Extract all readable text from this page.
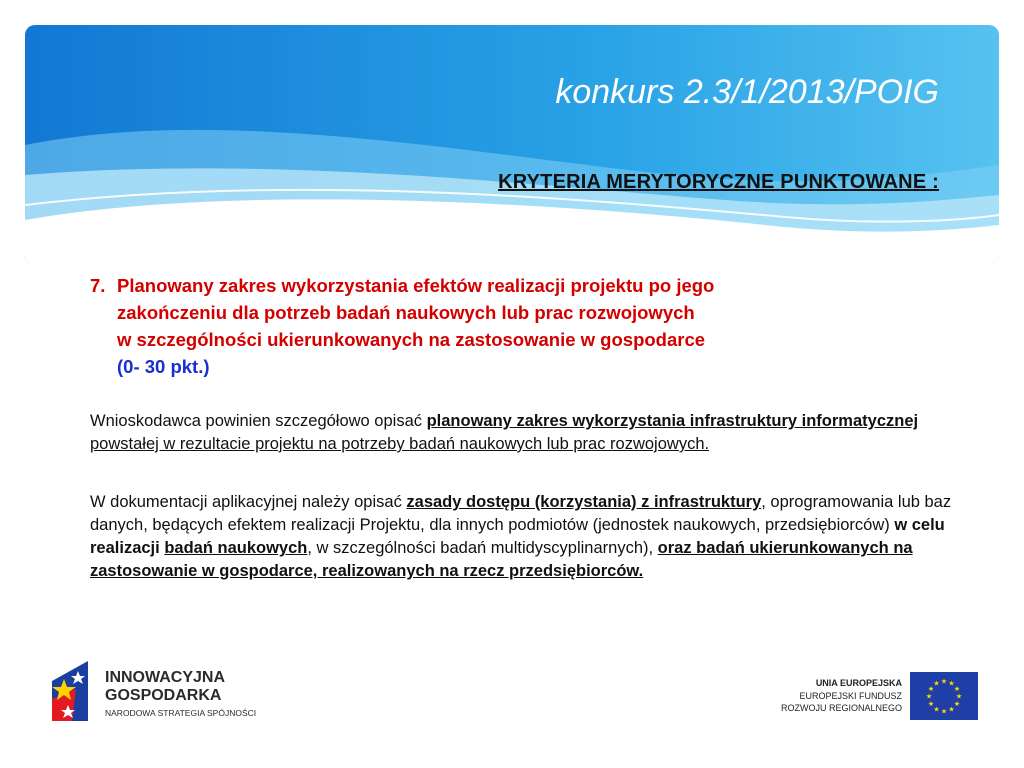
konkurs 2.3/1/2013/POIG
KRYTERIA MERYTORYCZNE PUNKTOWANE :
7. Planowany zakres wykorzystania efektów realizacji projektu po jego
zakończeniu dla potrzeb badań naukowych lub prac rozwojowych
w szczególności ukierunkowanych na zastosowanie w gospodarce
(0- 30 pkt.)
Wnioskodawca powinien szczegółowo opisać planowany zakres wykorzystania infrastruktury informatycznej powstałej w rezultacie projektu na potrzeby badań naukowych lub prac rozwojowych.
W dokumentacji aplikacyjnej należy opisać zasady dostępu (korzystania) z infrastruktury, oprogramowania lub baz danych, będących efektem realizacji Projektu, dla innych podmiotów (jednostek naukowych, przedsiębiorców) w celu realizacji badań naukowych, w szczególności badań multidyscyplinarnych), oraz badań ukierunkowanych na zastosowanie w gospodarce, realizowanych na rzecz przedsiębiorców.
INNOWACYJNA
GOSPODARKA
NARODOWA STRATEGIA SPÓJNOŚCI
UNIA EUROPEJSKA
EUROPEJSKI FUNDUSZ
ROZWOJU REGIONALNEGO
★ ★
★
★
★
★
★
★
★
★
★
★
